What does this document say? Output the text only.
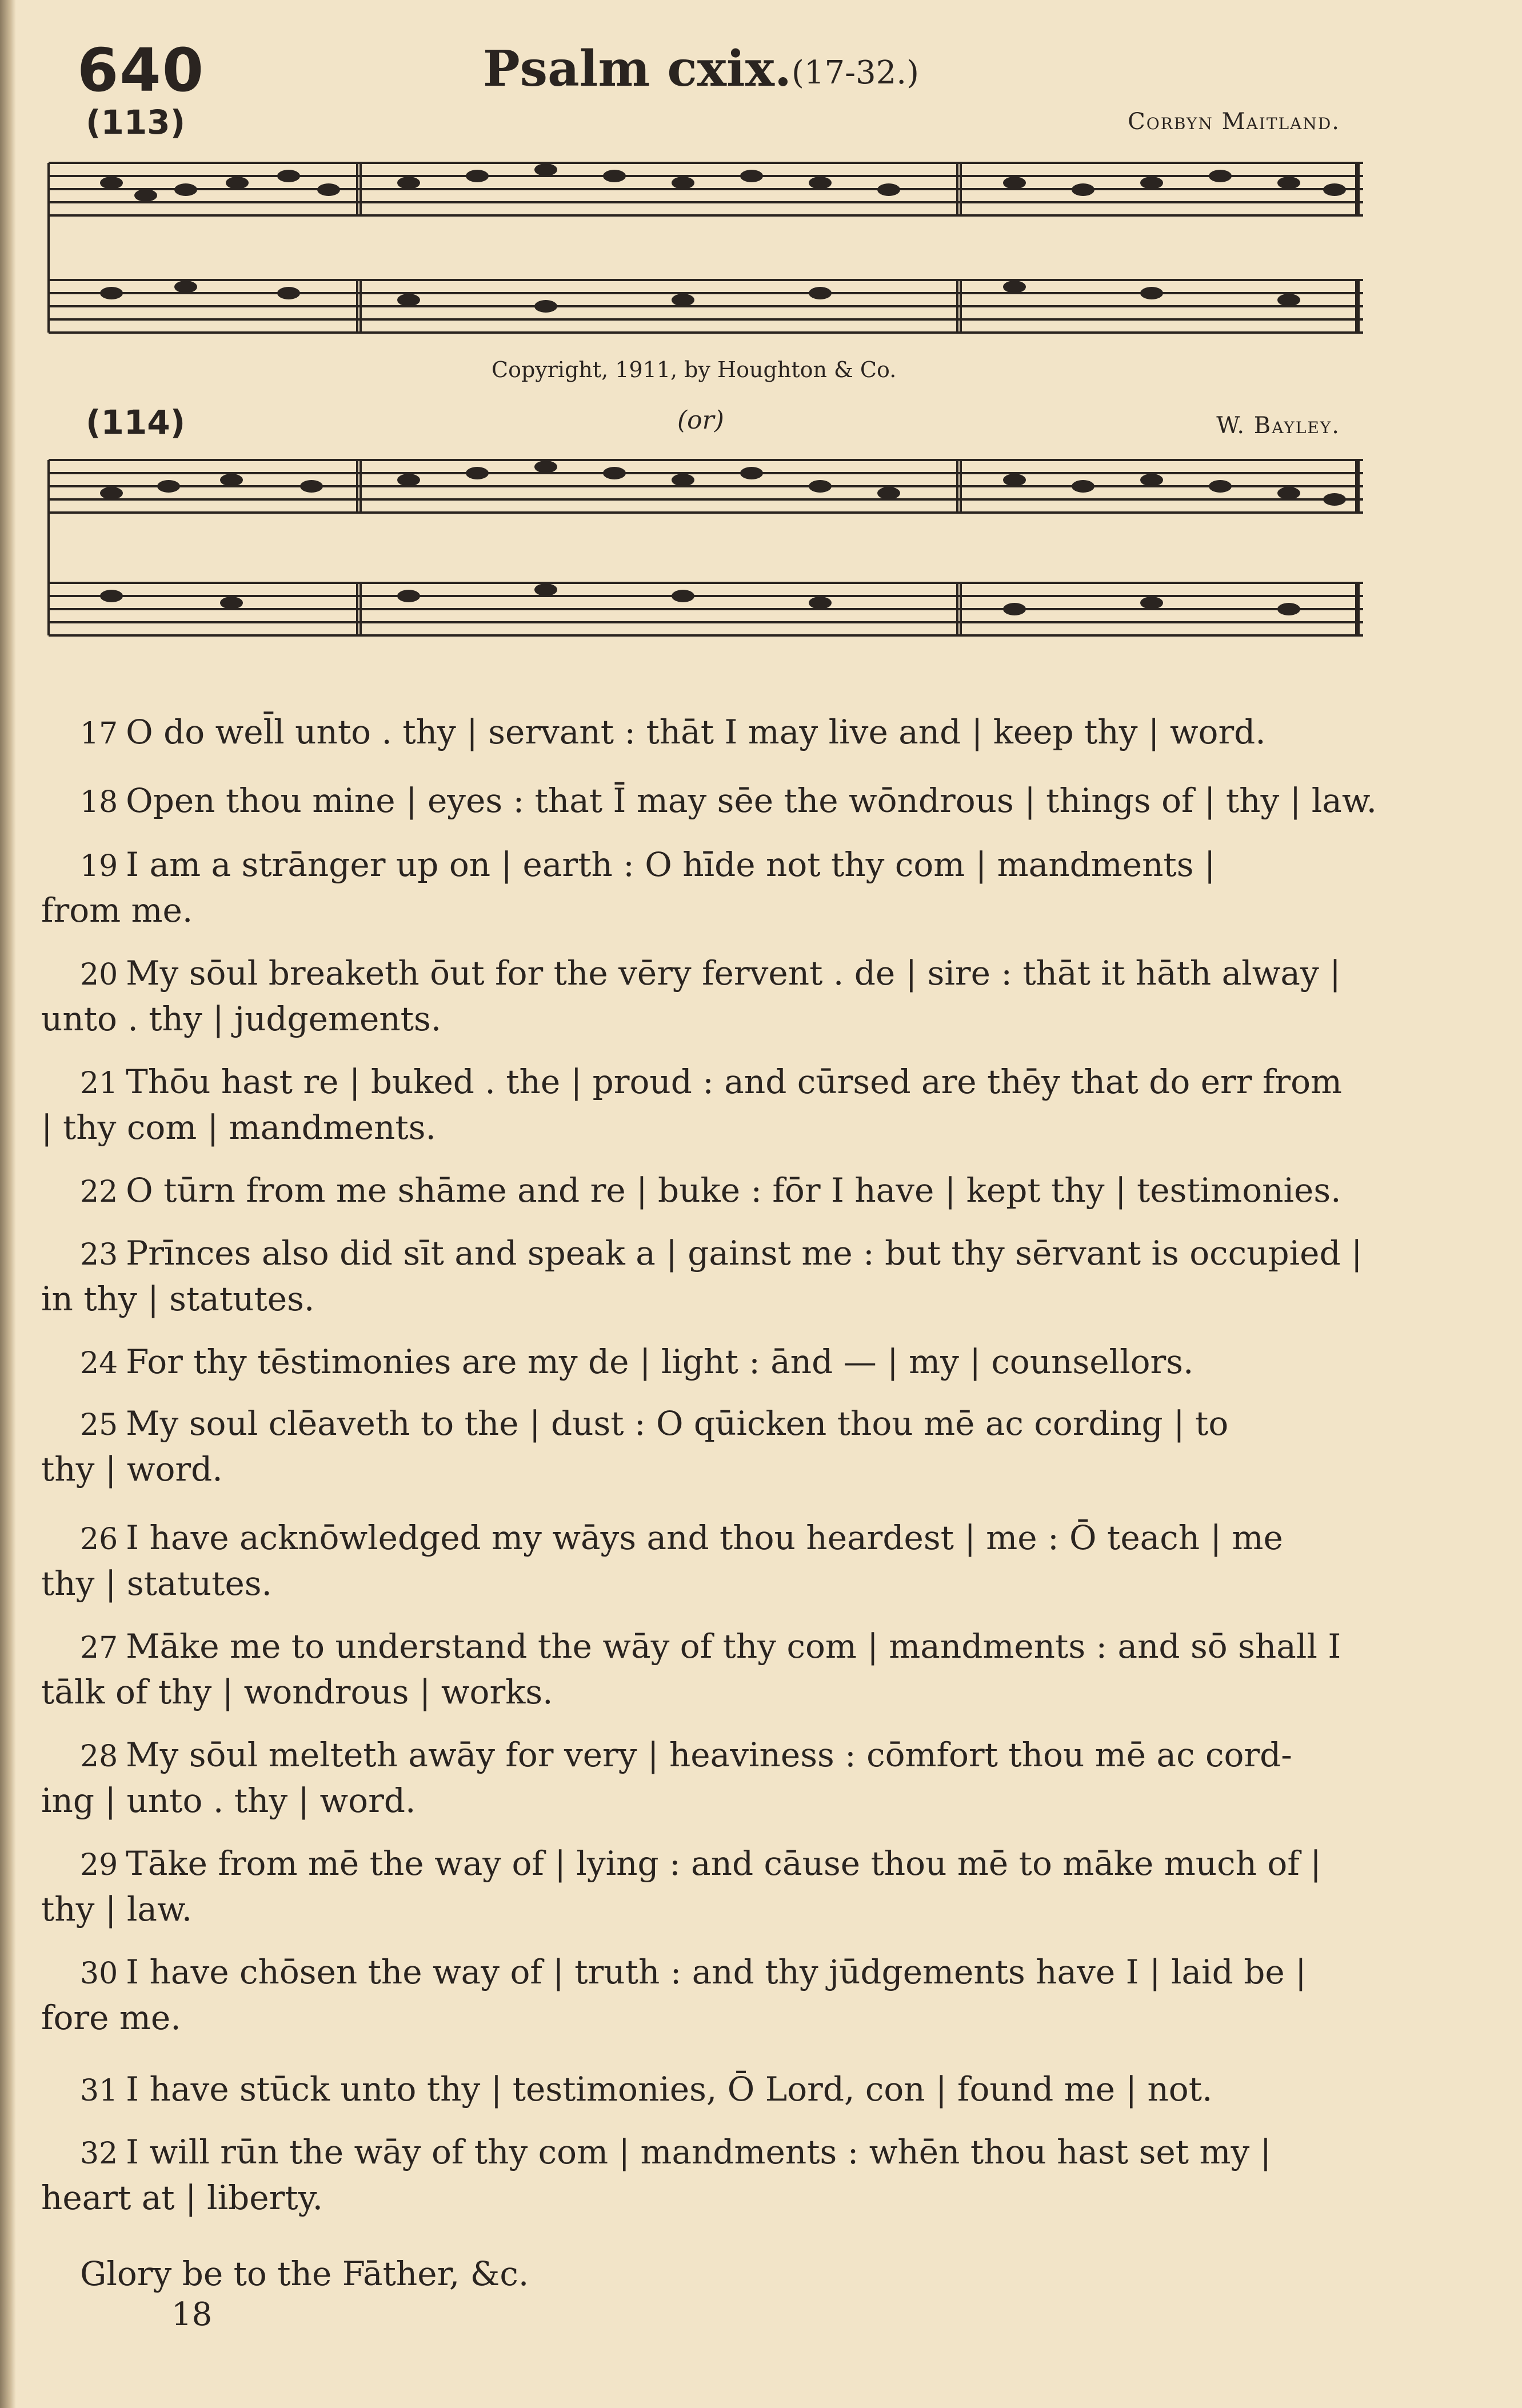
640	Psalm cxix. (17-32.)
(113)	Corbyn Maitland.
Copyright, 1911, by Houghton & Co.
(114)	(or)	W. Bayley.
17 O do wel̄l unto . thy | servant : thāt I may live and | keep thy | word.
18 Open thou mine | eyes : that Ī may sēe the wōndrous | things of | thy | law.
19 I am a strānger up on | earth : O hīde not thy com | mandments |
from me.
20 My sōul breaketh ōut for the vēry fervent . de | sire : thāt it hāth alway |
unto . thy | judgements.
21 Thōu hast re | buked . the | proud : and cūrsed are thēy that do err from
| thy com | mandments.
22 O tūrn from me shāme and re | buke : fōr I have | kept thy | testimonies.
23 Prīnces also did sīt and speak a | gainst me : but thy sērvant is occupied |
in thy | statutes.
24 For thy tēstimonies are my de | light : ānd — | my | counsellors.
25 My soul clēaveth to the | dust : O qūicken thou mē ac cording | to
thy | word.
26 I have acknōwledged my wāys and thou heardest | me : Ō teach | me
thy | statutes.
27 Māke me to understand the wāy of thy com | mandments : and sō shall I
tālk of thy | wondrous | works.
28 My sōul melteth awāy for very | heaviness : cōmfort thou mē ac cord-
ing | unto . thy | word.
29 Tāke from mē the way of | lying : and cāuse thou mē to māke much of |
thy | law.
30 I have chōsen the way of | truth : and thy jūdgements have I | laid be |
fore me.
31 I have stūck unto thy | testimonies, Ō Lord, con | found me | not.
32 I will rūn the wāy of thy com | mandments : whēn thou hast set my |
heart at | liberty.
Glory be to the Fāther, &c.
18
